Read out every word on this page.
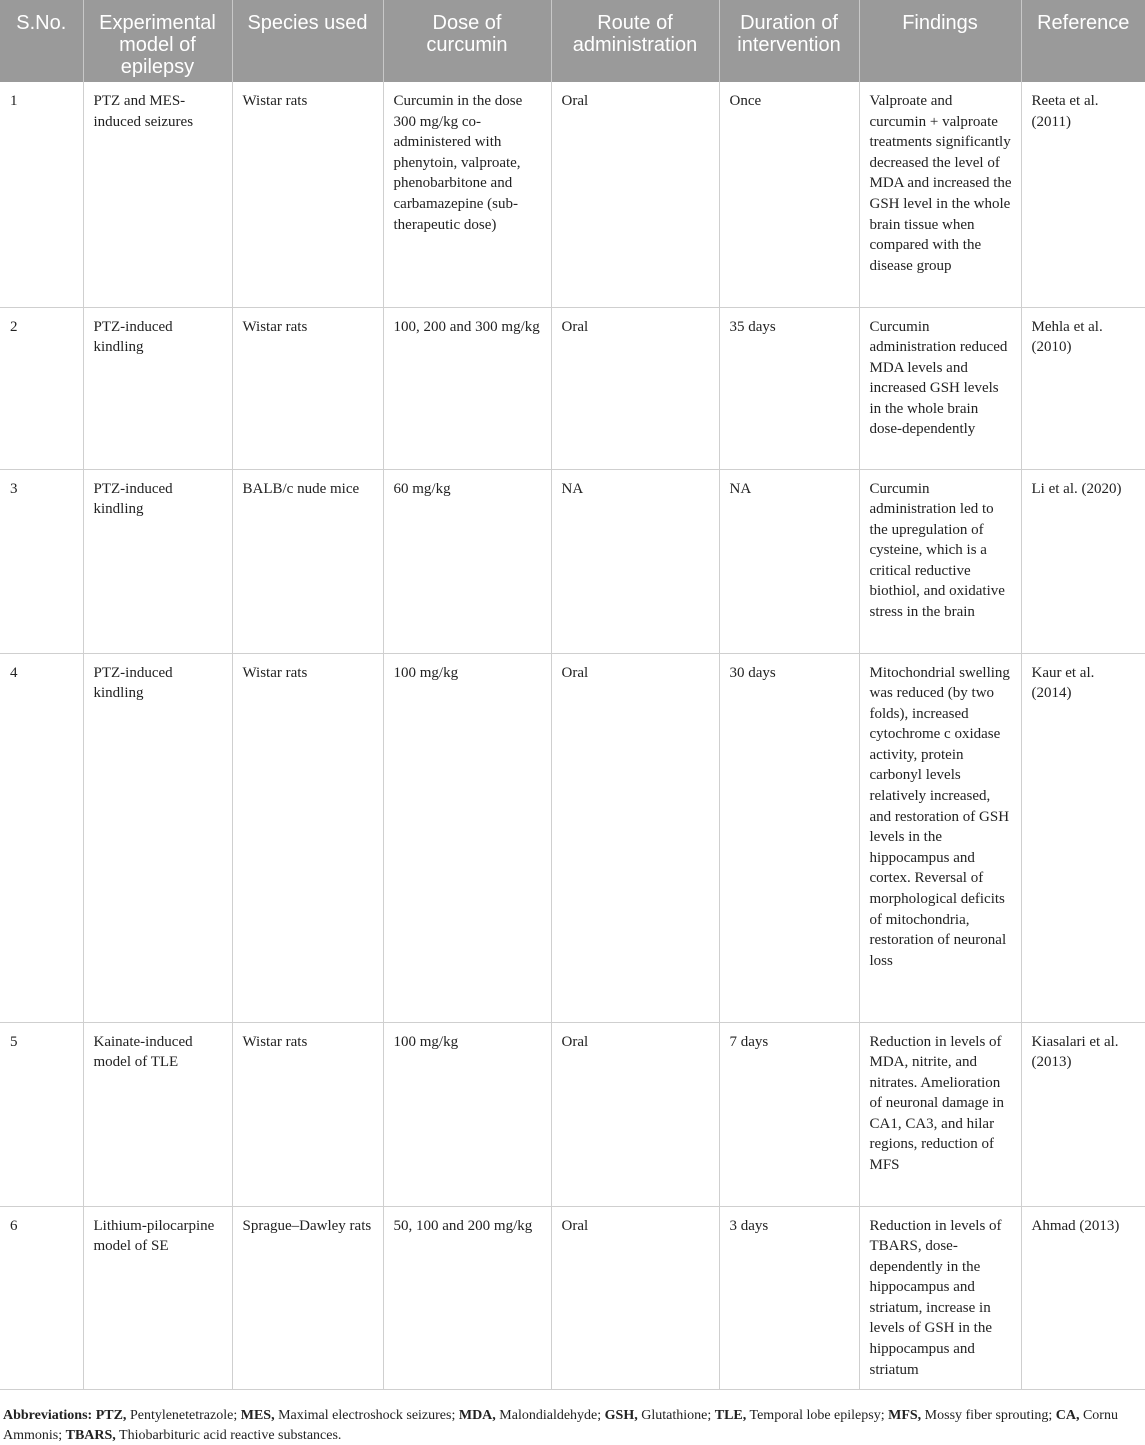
S.No.	Experimental model of epilepsy	Species used	Dose of curcumin	Route of administration	Duration of intervention	Findings	Reference
1	PTZ and MES-induced seizures	Wistar rats	Curcumin in the dose 300 mg/kg co-administered with phenytoin, valproate, phenobarbitone and carbamazepine (sub-therapeutic dose)	Oral	Once	Valproate and curcumin + valproate treatments significantly decreased the level of MDA and increased the GSH level in the whole brain tissue when compared with the disease group	Reeta et al. (2011)
2	PTZ-induced kindling	Wistar rats	100, 200 and 300 mg/kg	Oral	35 days	Curcumin administration reduced MDA levels and increased GSH levels in the whole brain dose-dependently	Mehla et al. (2010)
3	PTZ-induced kindling	BALB/c nude mice	60 mg/kg	NA	NA	Curcumin administration led to the upregulation of cysteine, which is a critical reductive biothiol, and oxidative stress in the brain	Li et al. (2020)
4	PTZ-induced kindling	Wistar rats	100 mg/kg	Oral	30 days	Mitochondrial swelling was reduced (by two folds), increased cytochrome c oxidase activity, protein carbonyl levels relatively increased, and restoration of GSH levels in the hippocampus and cortex. Reversal of morphological deficits of mitochondria, restoration of neuronal loss	Kaur et al. (2014)
5	Kainate-induced model of TLE	Wistar rats	100 mg/kg	Oral	7 days	Reduction in levels of MDA, nitrite, and nitrates. Amelioration of neuronal damage in CA1, CA3, and hilar regions, reduction of MFS	Kiasalari et al. (2013)
6	Lithium-pilocarpine model of SE	Sprague–Dawley rats	50, 100 and 200 mg/kg	Oral	3 days	Reduction in levels of TBARS, dose-dependently in the hippocampus and striatum, increase in levels of GSH in the hippocampus and striatum	Ahmad (2013)
Abbreviations: PTZ, Pentylenetetrazole; MES, Maximal electroshock seizures; MDA, Malondialdehyde; GSH, Glutathione; TLE, Temporal lobe epilepsy; MFS, Mossy fiber sprouting; CA, Cornu Ammonis; TBARS, Thiobarbituric acid reactive substances.
